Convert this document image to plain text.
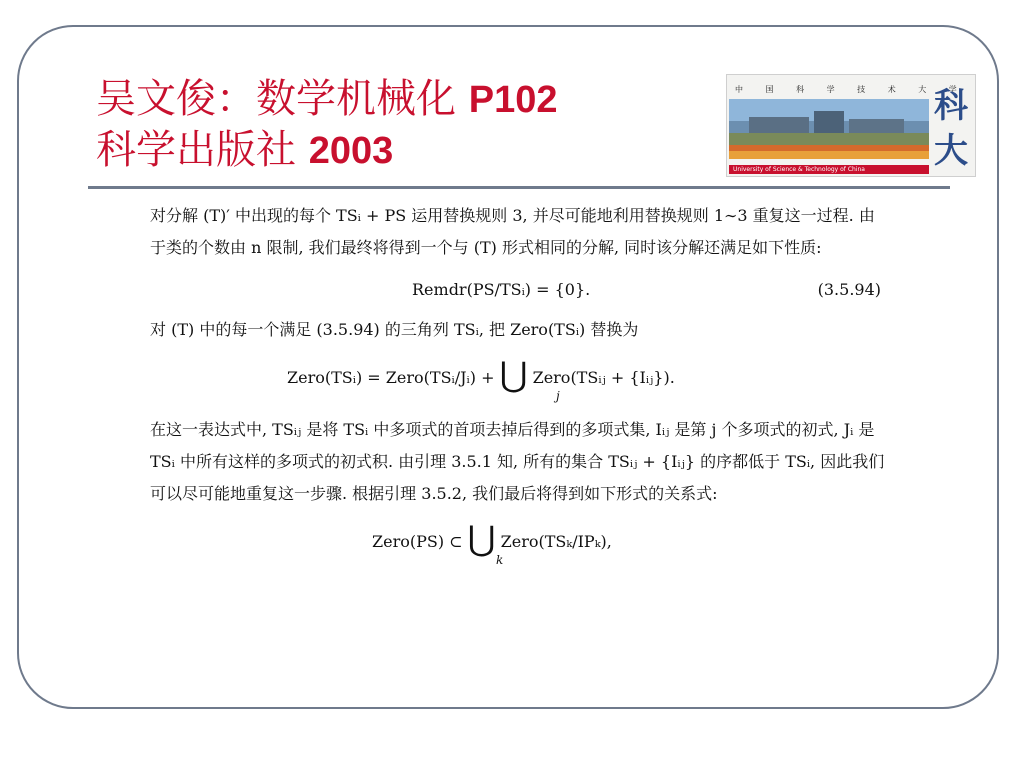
吴文俊：数学机械化 P102
科学出版社 2003
中 国 科 学 技 术 大 学
University of Science & Technology of China
科
大

对分解 (T)′ 中出现的每个 TSᵢ + PS 运用替换规则 3, 并尽可能地利用替换规则 1∼3 重复这一过程. 由于类的个数由 n 限制, 我们最终将得到一个与 (T) 形式相同的分解, 同时该分解还满足如下性质:

Remdr(PS/TSᵢ) = {0}.	(3.5.94)

对 (T) 中的每一个满足 (3.5.94) 的三角列 TSᵢ, 把 Zero(TSᵢ) 替换为

Zero(TSᵢ) = Zero(TSᵢ/Jᵢ) + ⋃ Zero(TSᵢⱼ + {Iᵢⱼ}).
j

在这一表达式中, TSᵢⱼ 是将 TSᵢ 中多项式的首项去掉后得到的多项式集, Iᵢⱼ 是第 j 个多项式的初式, Jᵢ 是 TSᵢ 中所有这样的多项式的初式积. 由引理 3.5.1 知, 所有的集合 TSᵢⱼ + {Iᵢⱼ} 的序都低于 TSᵢ, 因此我们可以尽可能地重复这一步骤. 根据引理 3.5.2, 我们最后将得到如下形式的关系式:

Zero(PS) ⊂ ⋃ Zero(TSₖ/IPₖ),
k
